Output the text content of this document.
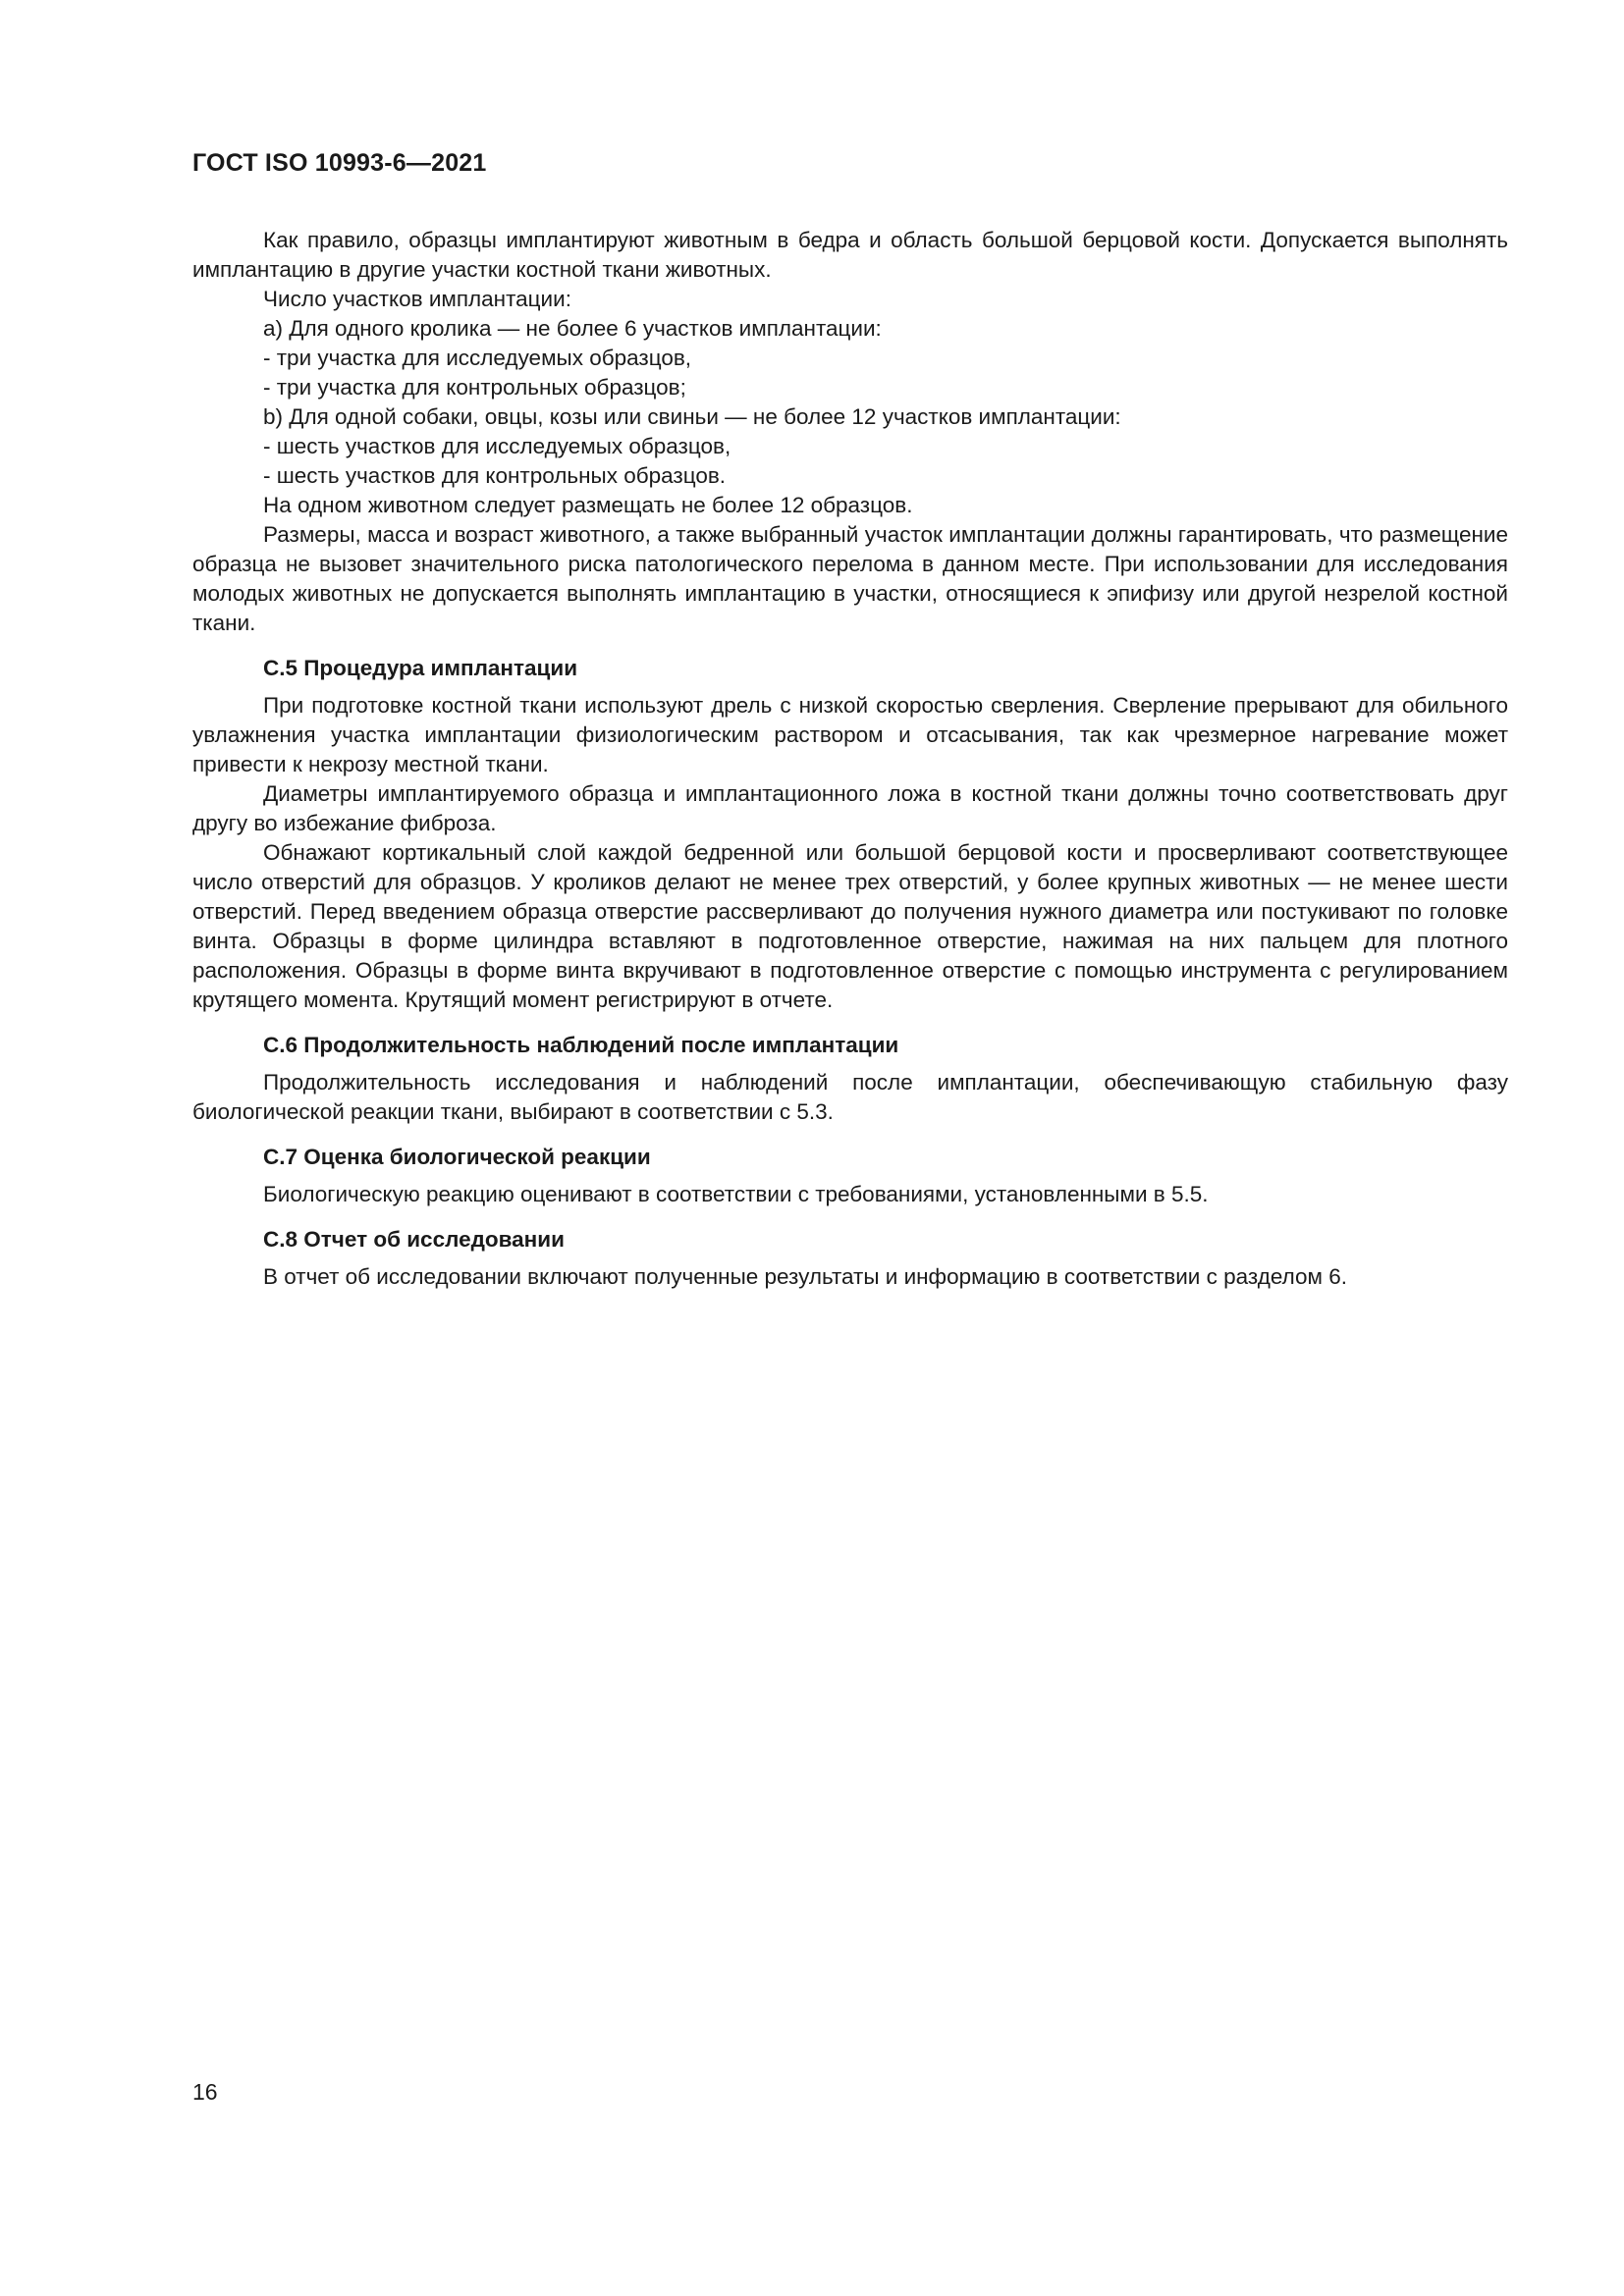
ГОСТ ISO 10993-6—2021

Как правило, образцы имплантируют животным в бедра и область большой берцовой кости. Допускается выполнять имплантацию в другие участки костной ткани животных.

Число участков имплантации:

а) Для одного кролика — не более 6 участков имплантации:

- три участка для исследуемых образцов,

- три участка для контрольных образцов;

b) Для одной собаки, овцы, козы или свиньи — не более 12 участков имплантации:

- шесть участков для исследуемых образцов,

- шесть участков для контрольных образцов.

На одном животном следует размещать не более 12 образцов.

Размеры, масса и возраст животного, а также выбранный участок имплантации должны гарантировать, что размещение образца не вызовет значительного риска патологического перелома в данном месте. При использовании для исследования молодых животных не допускается выполнять имплантацию в участки, относящиеся к эпифизу или другой незрелой костной ткани.

С.5 Процедура имплантации

При подготовке костной ткани используют дрель с низкой скоростью сверления. Сверление прерывают для обильного увлажнения участка имплантации физиологическим раствором и отсасывания, так как чрезмерное нагревание может привести к некрозу местной ткани.

Диаметры имплантируемого образца и имплантационного ложа в костной ткани должны точно соответствовать друг другу во избежание фиброза.

Обнажают кортикальный слой каждой бедренной или большой берцовой кости и просверливают соответствующее число отверстий для образцов. У кроликов делают не менее трех отверстий, у более крупных животных — не менее шести отверстий. Перед введением образца отверстие рассверливают до получения нужного диаметра или постукивают по головке винта. Образцы в форме цилиндра вставляют в подготовленное отверстие, нажимая на них пальцем для плотного расположения. Образцы в форме винта вкручивают в подготовленное отверстие с помощью инструмента с регулированием крутящего момента. Крутящий момент регистрируют в отчете.

С.6 Продолжительность наблюдений после имплантации

Продолжительность исследования и наблюдений после имплантации, обеспечивающую стабильную фазу биологической реакции ткани, выбирают в соответствии с 5.3.

С.7 Оценка биологической реакции

Биологическую реакцию оценивают в соответствии с требованиями, установленными в 5.5.

С.8 Отчет об исследовании

В отчет об исследовании включают полученные результаты и информацию в соответствии с разделом 6.

16
